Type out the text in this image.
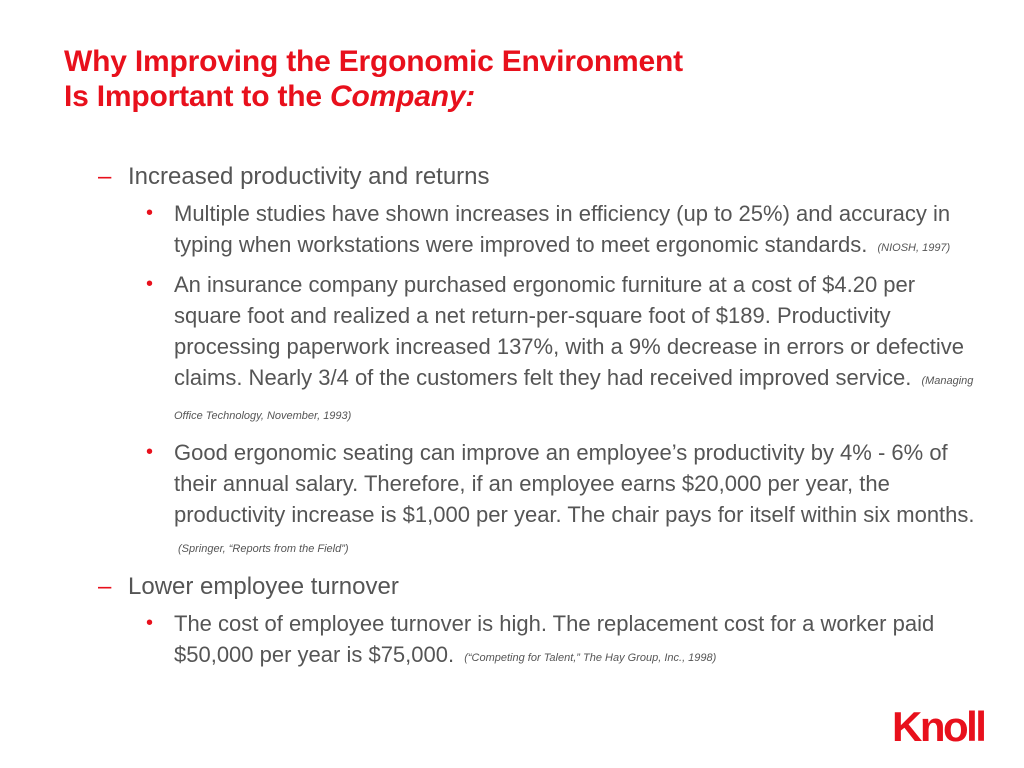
Why Improving the Ergonomic Environment
Is Important to the Company:
– Increased productivity and returns
• Multiple studies have shown increases in efficiency (up to 25%) and accuracy in typing when workstations were improved to meet ergonomic standards. (NIOSH, 1997)
• An insurance company purchased ergonomic furniture at a cost of $4.20 per square foot and realized a net return-per-square foot of $189. Productivity processing paperwork increased 137%, with a 9% decrease in errors or defective claims. Nearly 3/4 of the customers felt they had received improved service. (Managing Office Technology, November, 1993)
• Good ergonomic seating can improve an employee’s productivity by 4% - 6% of their annual salary. Therefore, if an employee earns $20,000 per year, the productivity increase is $1,000 per year. The chair pays for itself within six months. (Springer, “Reports from the Field”)
– Lower employee turnover
• The cost of employee turnover is high. The replacement cost for a worker paid $50,000 per year is $75,000. (“Competing for Talent,” The Hay Group, Inc., 1998)
Knoll
